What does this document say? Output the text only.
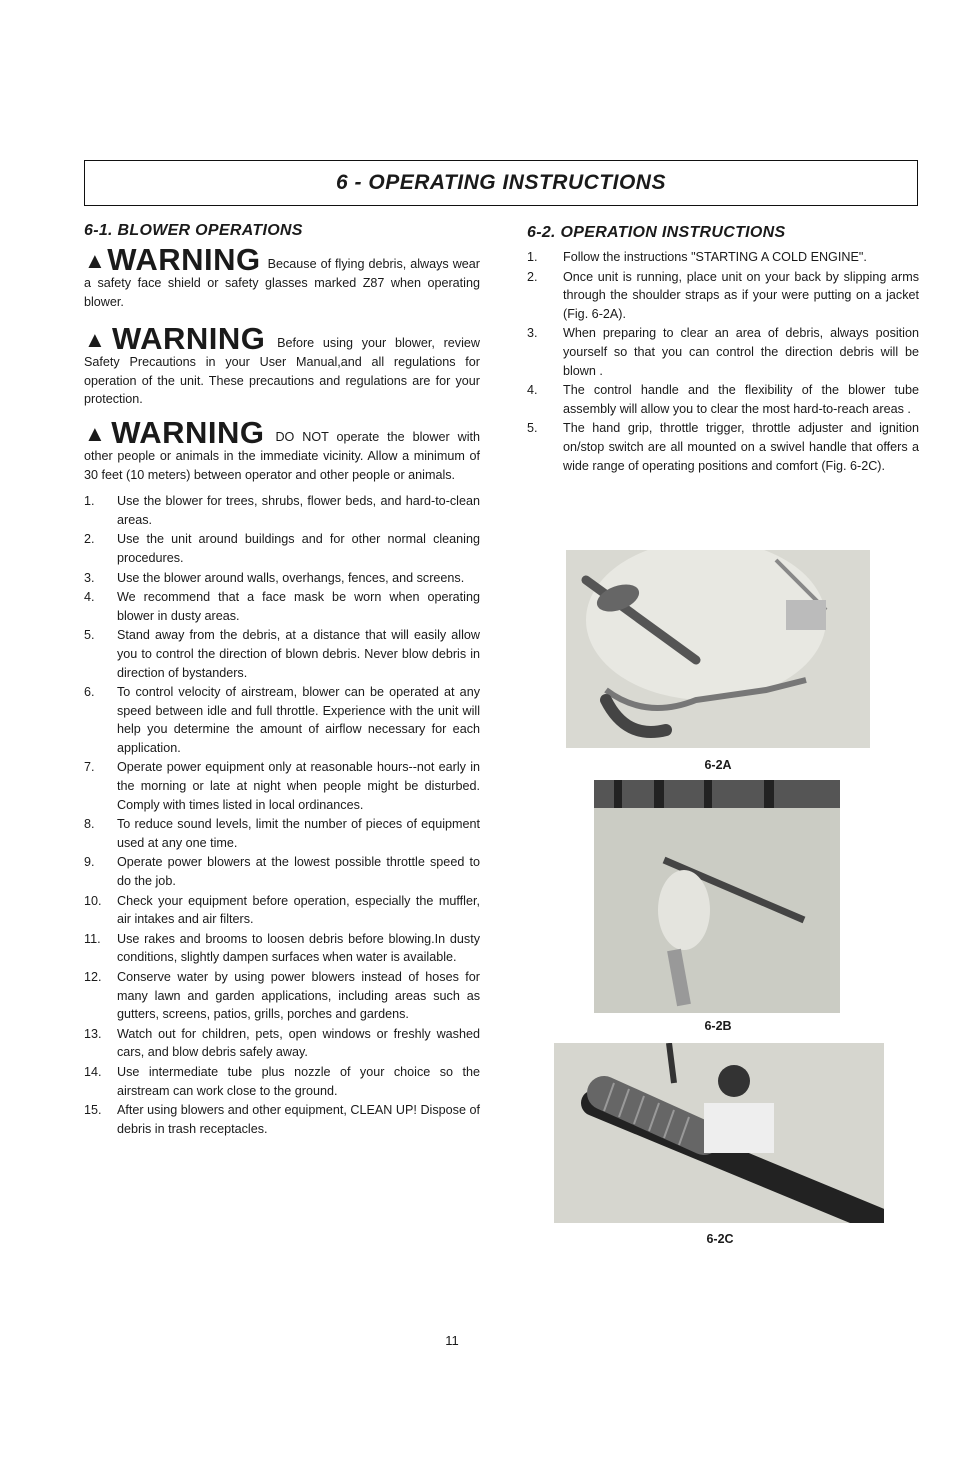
6 - OPERATING INSTRUCTIONS
6-1. BLOWER OPERATIONS

▲WARNING Because of flying debris, always wear a safety face shield or safety glasses marked Z87 when operating blower.

▲WARNING Before using your blower, review Safety Precautions in your User Manual,and all regulations for operation of the unit. These precautions and regulations are for your protection.

▲WARNING DO NOT operate the blower with other people or animals in the immediate vicinity. Allow a minimum of 30 feet (10 meters) between operator and other people or animals.

1. Use the blower for trees, shrubs, flower beds, and hard-to-clean areas.
2. Use the unit around buildings and for other normal cleaning procedures.
3. Use the blower around walls, overhangs, fences, and screens.
4. We recommend that a face mask be worn when operating blower in dusty areas.
5. Stand away from the debris, at a distance that will easily allow you to control the direction of blown debris. Never blow debris in direction of bystanders.
6. To control velocity of airstream, blower can be operated at any speed between idle and full throttle. Experience with the unit will help you determine the amount of airflow necessary for each application.
7. Operate power equipment only at reasonable hours--not early in the morning or late at night when people might be disturbed. Comply with times listed in local ordinances.
8. To reduce sound levels, limit the number of pieces of equipment used at any one time.
9. Operate power blowers at the lowest possible throttle speed to do the job.
10. Check your equipment before operation, especially the muffler, air intakes and air filters.
11. Use rakes and brooms to loosen debris before blowing.In dusty conditions, slightly dampen surfaces when water is available.
12. Conserve water by using power blowers instead of hoses for many lawn and garden applications, including areas such as gutters, screens, patios, grills, porches and gardens.
13. Watch out for children, pets, open windows or freshly washed cars, and blow debris safely away.
14. Use intermediate tube plus nozzle of your choice so the airstream can work close to the ground.
15. After using blowers and other equipment, CLEAN UP! Dispose of debris in trash receptacles.
6-2. OPERATION INSTRUCTIONS
1. Follow the instructions "STARTING A COLD ENGINE".
2. Once unit is running, place unit on your back by slipping arms through the shoulder straps as if your were putting on a jacket (Fig. 6-2A).
3. When preparing to clear an area of debris, always position yourself so that you can control the direction debris will be blown .
4. The control handle and the flexibility of the blower tube assembly will allow you to clear the most hard-to-reach areas .
5. The hand grip, throttle trigger, throttle adjuster and ignition on/stop switch are all mounted on a swivel handle that offers a wide range of operating positions and comfort (Fig. 6-2C).
6-2A
6-2B
6-2C
11
